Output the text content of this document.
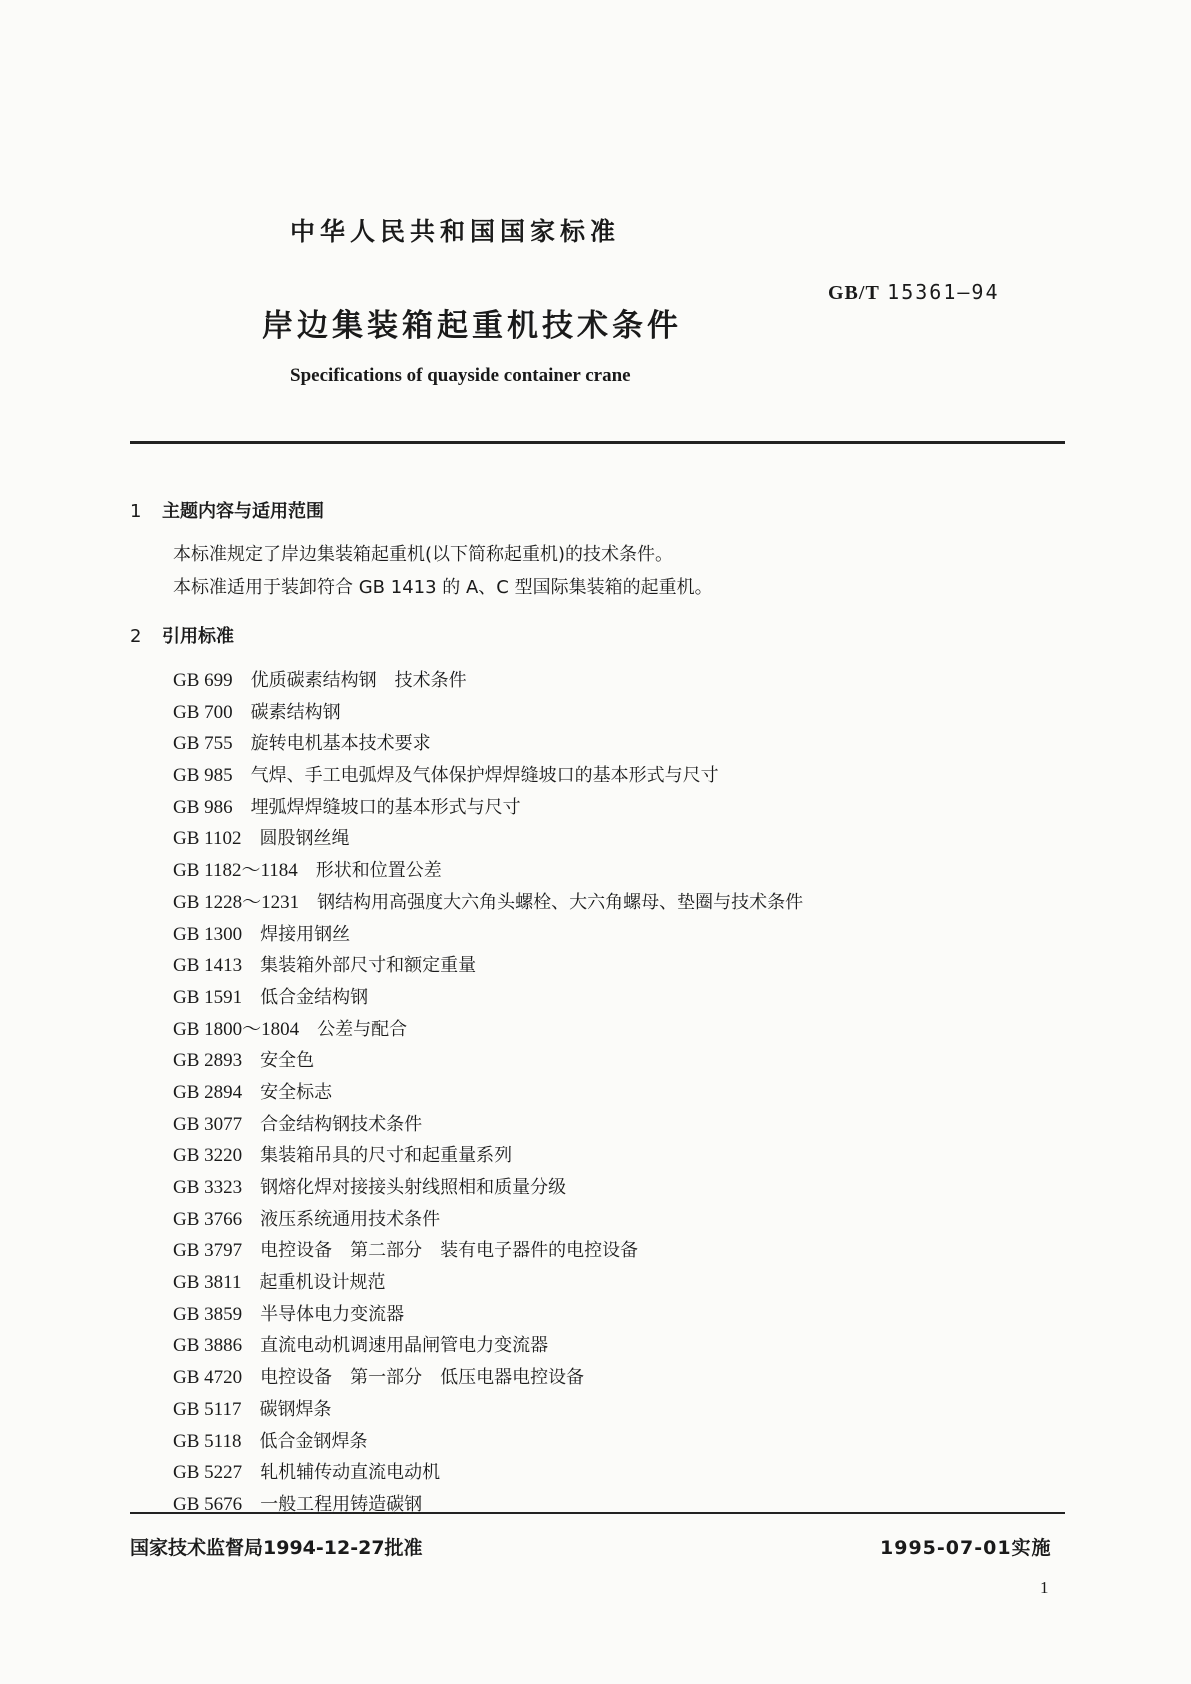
中华人民共和国国家标准
GB/T 15361—94
岸边集装箱起重机技术条件
Specifications of quayside container crane
1 主题内容与适用范围
本标准规定了岸边集装箱起重机(以下简称起重机)的技术条件。
本标准适用于装卸符合 GB 1413 的 A、C 型国际集装箱的起重机。
2 引用标准
GB 699 优质碳素结构钢　技术条件
GB 700 碳素结构钢
GB 755 旋转电机基本技术要求
GB 985 气焊、手工电弧焊及气体保护焊焊缝坡口的基本形式与尺寸
GB 986 埋弧焊焊缝坡口的基本形式与尺寸
GB 1102 圆股钢丝绳
GB 1182～1184 形状和位置公差
GB 1228～1231 钢结构用高强度大六角头螺栓、大六角螺母、垫圈与技术条件
GB 1300 焊接用钢丝
GB 1413 集装箱外部尺寸和额定重量
GB 1591 低合金结构钢
GB 1800～1804 公差与配合
GB 2893 安全色
GB 2894 安全标志
GB 3077 合金结构钢技术条件
GB 3220 集装箱吊具的尺寸和起重量系列
GB 3323 钢熔化焊对接接头射线照相和质量分级
GB 3766 液压系统通用技术条件
GB 3797 电控设备　第二部分　装有电子器件的电控设备
GB 3811 起重机设计规范
GB 3859 半导体电力变流器
GB 3886 直流电动机调速用晶闸管电力变流器
GB 4720 电控设备　第一部分　低压电器电控设备
GB 5117 碳钢焊条
GB 5118 低合金钢焊条
GB 5227 轧机辅传动直流电动机
GB 5676 一般工程用铸造碳钢
国家技术监督局1994-12-27批准	1995-07-01实施
1
